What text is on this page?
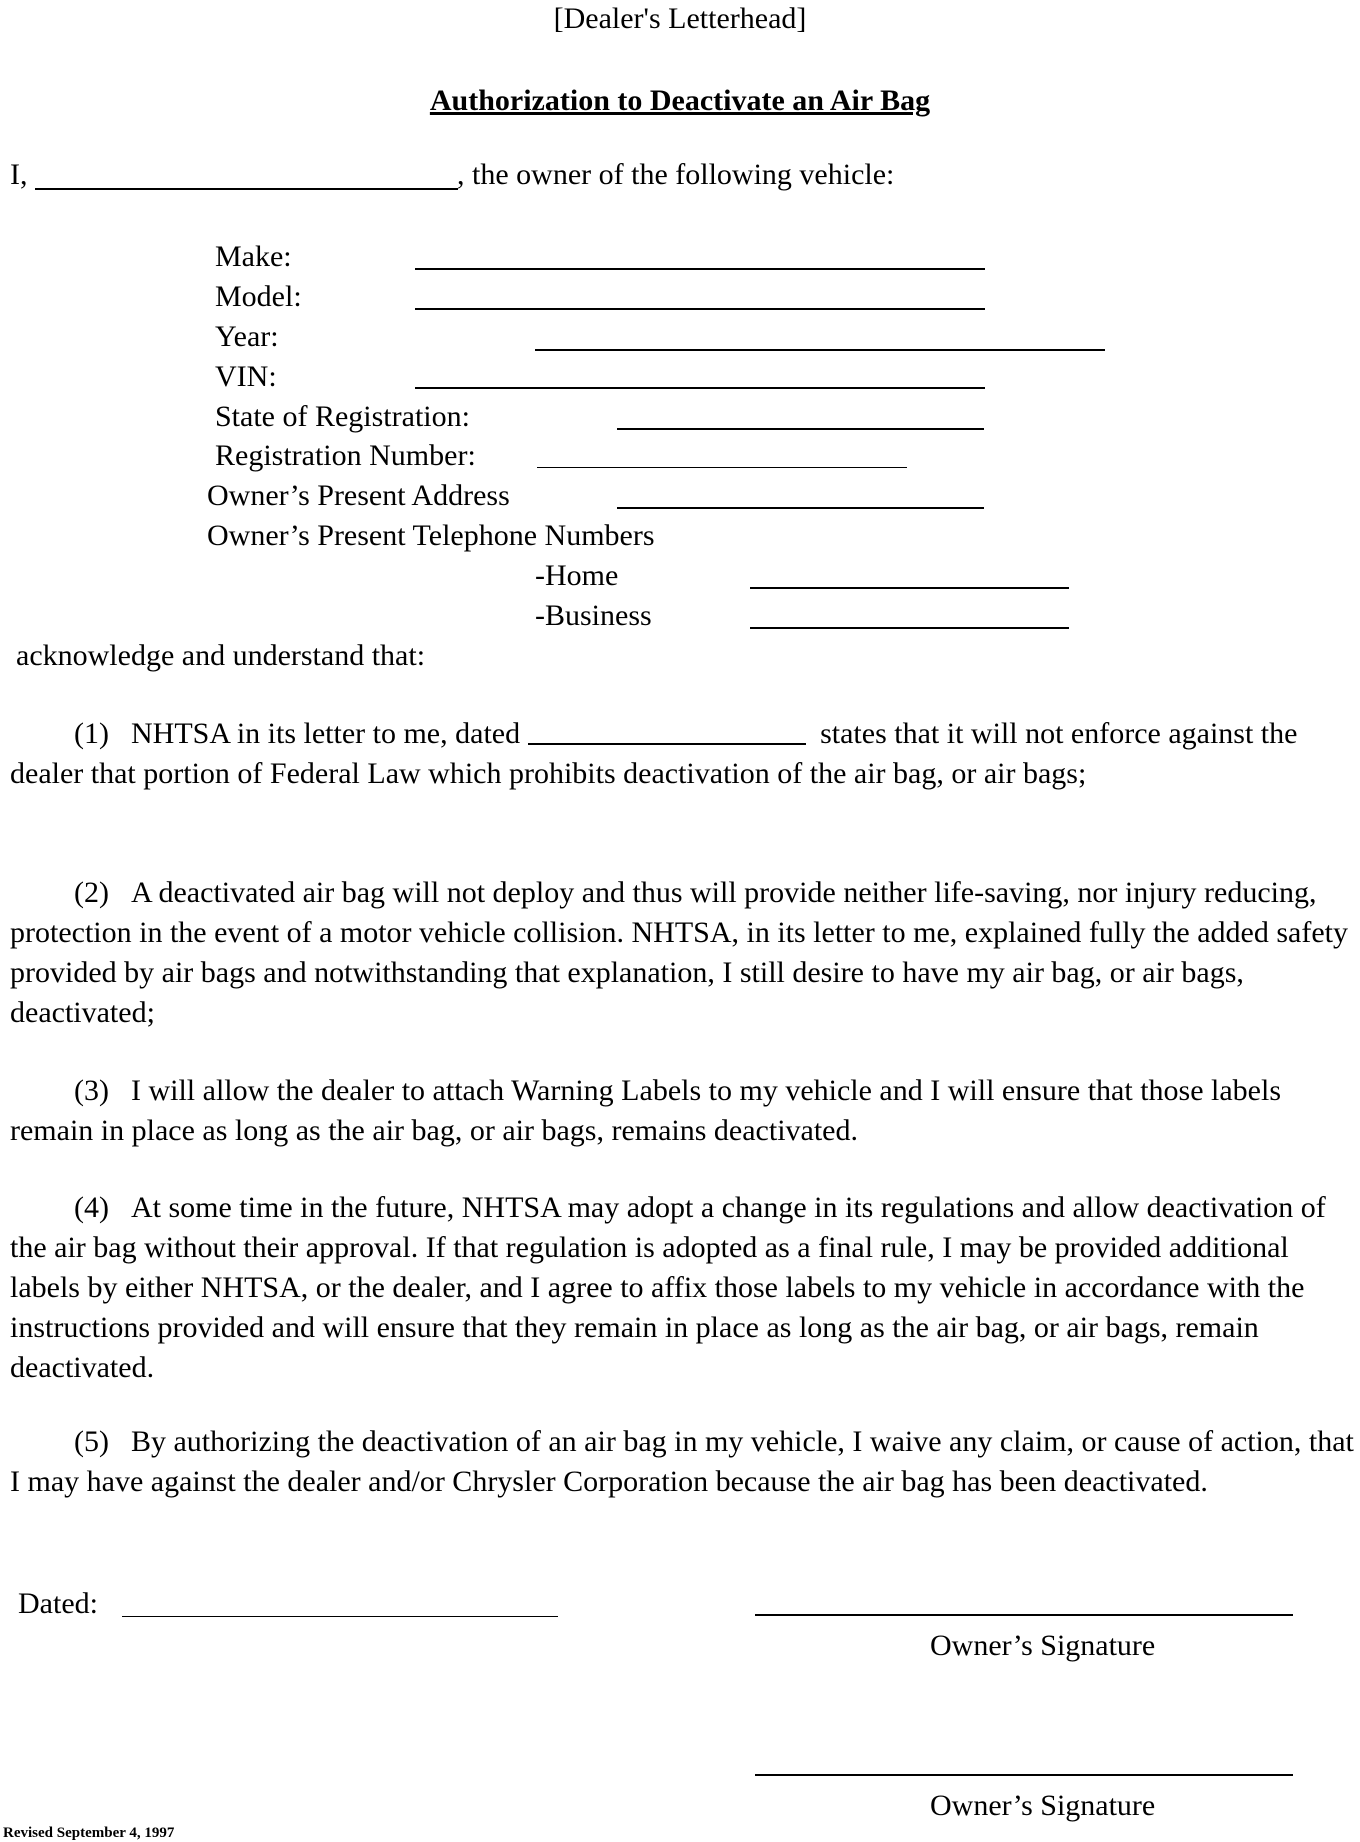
[Dealer's Letterhead]
Authorization to Deactivate an Air Bag
I,	, the owner of the following vehicle:
Make:
Model:
Year:
VIN:
State of Registration:
Registration Number:
Owner’s Present Address
Owner’s Present Telephone Numbers
-Home
-Business
acknowledge and understand that:
(1) NHTSA in its letter to me, dated	states that it will not enforce against the dealer that portion of Federal Law which prohibits deactivation of the air bag, or air bags;
(2) A deactivated air bag will not deploy and thus will provide neither life-saving, nor injury reducing, protection in the event of a motor vehicle collision. NHTSA, in its letter to me, explained fully the added safety provided by air bags and notwithstanding that explanation, I still desire to have my air bag, or air bags, deactivated;
(3) I will allow the dealer to attach Warning Labels to my vehicle and I will ensure that those labels remain in place as long as the air bag, or air bags, remains deactivated.
(4) At some time in the future, NHTSA may adopt a change in its regulations and allow deactivation of the air bag without their approval. If that regulation is adopted as a final rule, I may be provided additional labels by either NHTSA, or the dealer, and I agree to affix those labels to my vehicle in accordance with the instructions provided and will ensure that they remain in place as long as the air bag, or air bags, remain deactivated.
(5) By authorizing the deactivation of an air bag in my vehicle, I waive any claim, or cause of action, that I may have against the dealer and/or Chrysler Corporation because the air bag has been deactivated.
Dated:
Owner’s Signature
Owner’s Signature
Revised September 4, 1997
